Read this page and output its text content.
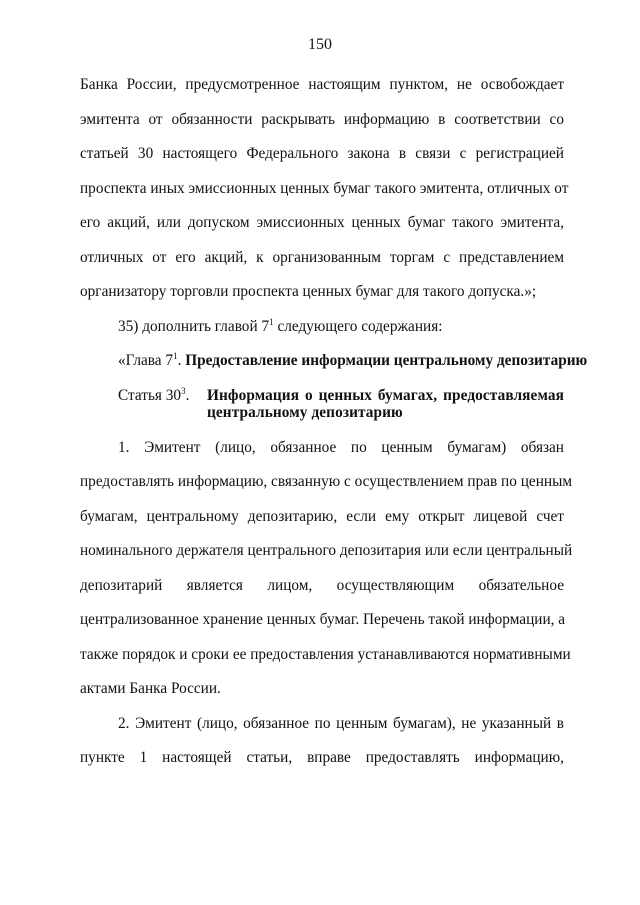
150
Банка России, предусмотренное настоящим пунктом, не освобождает
эмитента от обязанности раскрывать информацию в соответствии со
статьей 30 настоящего Федерального закона в связи с регистрацией
проспекта иных эмиссионных ценных бумаг такого эмитента, отличных от
его акций, или допуском эмиссионных ценных бумаг такого эмитента,
отличных от его акций, к организованным торгам с представлением
организатору торговли проспекта ценных бумаг для такого допуска.»;
35) дополнить главой $7^1$ следующего содержания:
«Глава $7^1$. Предоставление информации центральному депозитарию
Статья $30^3$. Информация о ценных бумагах, предоставляемая
центральному депозитарию
1. Эмитент (лицо, обязанное по ценным бумагам) обязан
предоставлять информацию, связанную с осуществлением прав по ценным
бумагам, центральному депозитарию, если ему открыт лицевой счет
номинального держателя центрального депозитария или если центральный
депозитарий является лицом, осуществляющим обязательное
централизованное хранение ценных бумаг. Перечень такой информации, а
также порядок и сроки ее предоставления устанавливаются нормативными
актами Банка России.
2. Эмитент (лицо, обязанное по ценным бумагам), не указанный в
пункте 1 настоящей статьи, вправе предоставлять информацию,
